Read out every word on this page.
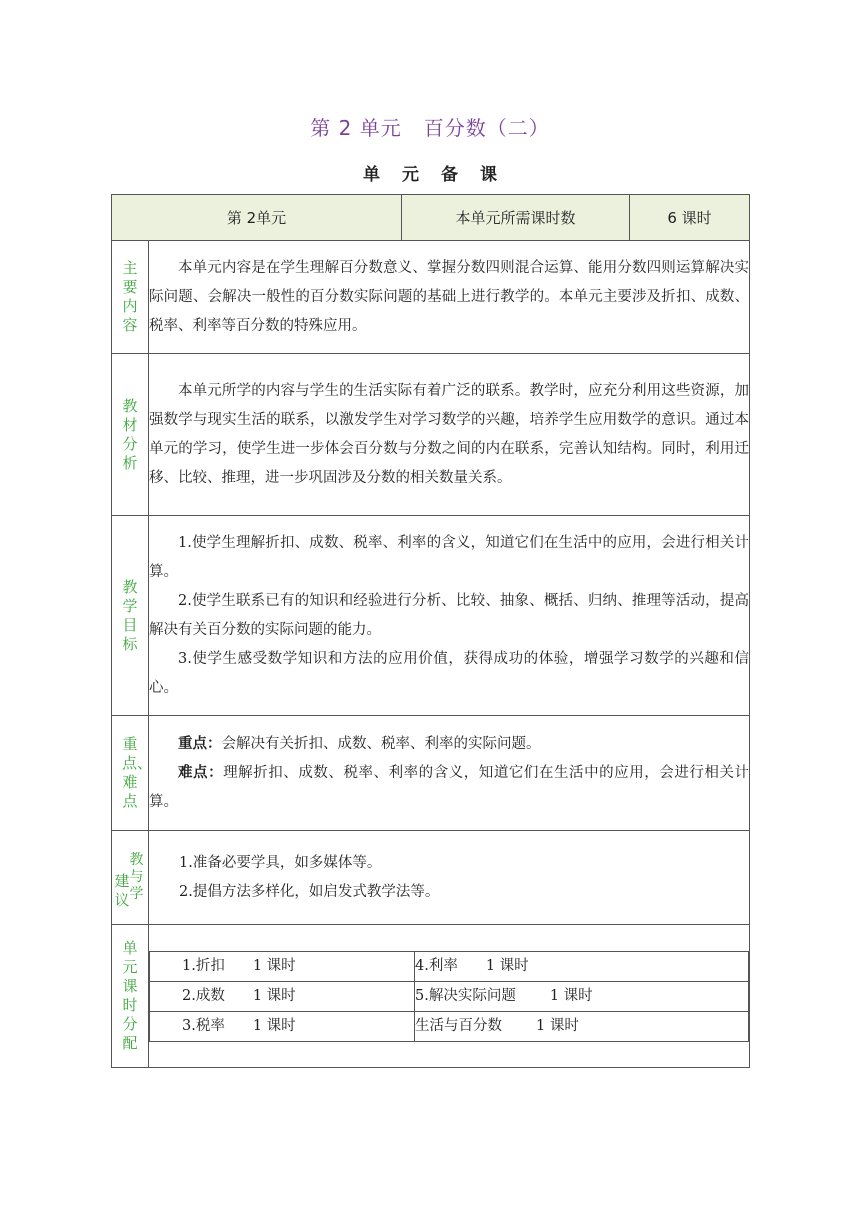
第 2 单元 百分数（二）
单元备课
第 2单元	本单元所需课时数	6 课时
主要内容	

本单元内容是在学生理解百分数意义、掌握分数四则混合运算、能用分数四则运算解决实际问题、会解决一般性的百分数实际问题的基础上进行教学的。本单元主要涉及折扣、成数、税率、利率等百分数的特殊应用。

教材分析	

本单元所学的内容与学生的生活实际有着广泛的联系。教学时，应充分利用这些资源，加强数学与现实生活的联系，以激发学生对学习数学的兴趣，培养学生应用数学的意识。通过本单元的学习，使学生进一步体会百分数与分数之间的内在联系，完善认知结构。同时，利用迁移、比较、推理，进一步巩固涉及分数的相关数量关系。

教学目标	

1.使学生理解折扣、成数、税率、利率的含义，知道它们在生活中的应用，会进行相关计算。

2.使学生联系已有的知识和经验进行分析、比较、抽象、概括、归纳、推理等活动，提高解决有关百分数的实际问题的能力。

3.使学生感受数学知识和方法的应用价值，获得成功的体验，增强学习数学的兴趣和信心。

重点、难点	

重点：会解决有关折扣、成数、税率、利率的实际问题。

难点：理解折扣、成数、税率、利率的含义，知道它们在生活中的应用，会进行相关计算。

建议
教与学

1.准备必要学具，如多媒体等。
2.提倡方法多样化，如启发式教学法等。

单元课时分配	
1.折扣 1 课时	4.利率 1 课时
2.成数 1 课时	5.解决实际问题 1 课时
3.税率 1 课时	生活与百分数 1 课时
